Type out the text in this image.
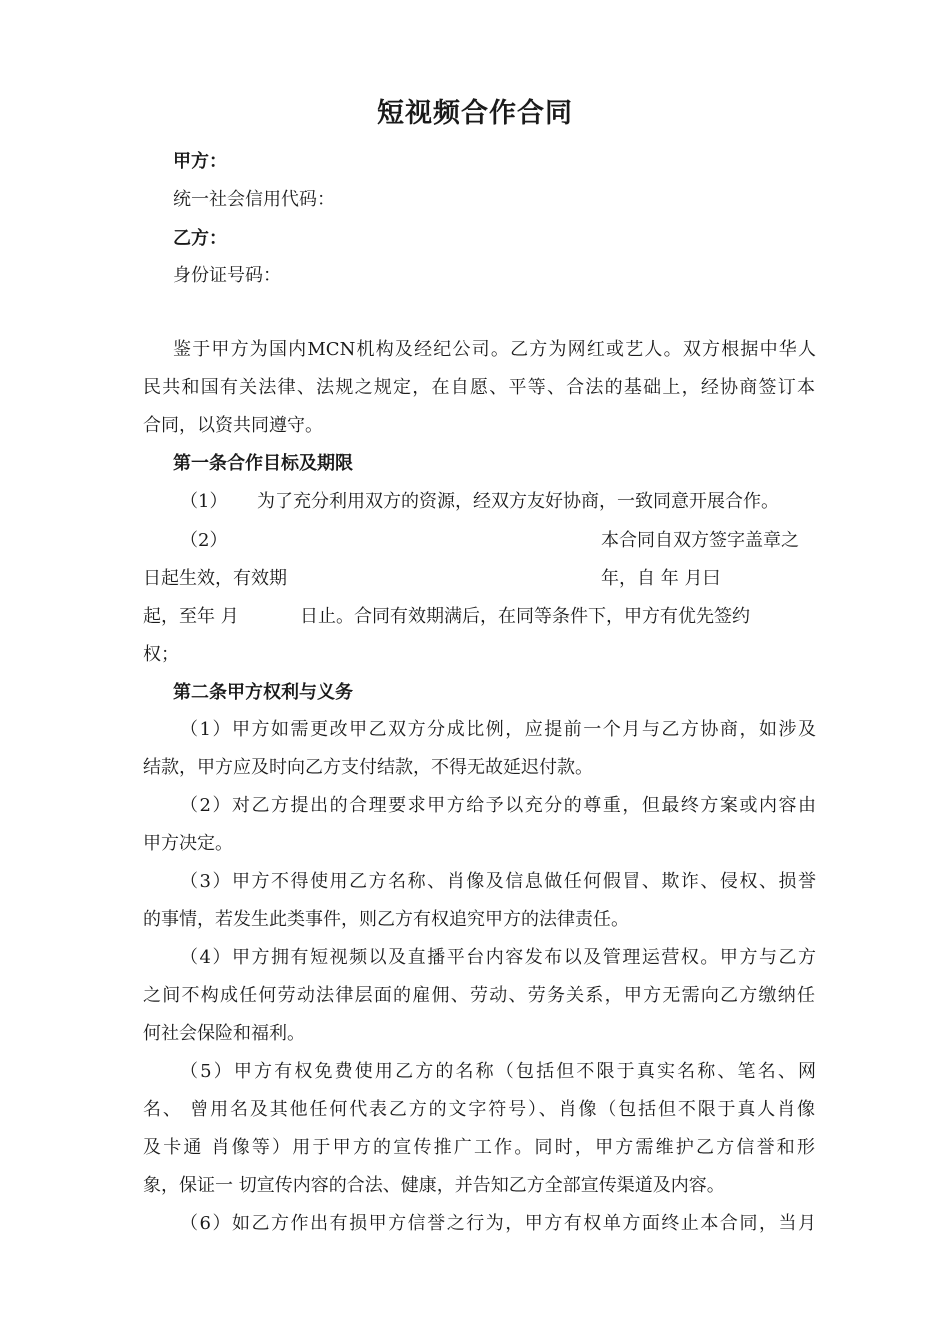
短视频合作合同
甲方：
统一社会信用代码：
乙方：
身份证号码：
鉴于甲方为国内MCN机构及经纪公司。乙方为网红或艺人。双方根据中华人
民共和国有关法律、法规之规定，在自愿、平等、合法的基础上，经协商签订本
合同，以资共同遵守。
第一条合作目标及期限
（1） 为了充分利用双方的资源，经双方友好协商，一致同意开展合作。
（2）	本合同自双方签字盖章之
日起生效，有效期	年，自 年 月曰
起，至年 月	日止。合同有效期满后，在同等条件下，甲方有优先签约
权；
第二条甲方权利与义务
（1）甲方如需更改甲乙双方分成比例，应提前一个月与乙方协商，如涉及
结款，甲方应及时向乙方支付结款，不得无故延迟付款。
（2）对乙方提出的合理要求甲方给予以充分的尊重，但最终方案或内容由
甲方决定。
（3）甲方不得使用乙方名称、肖像及信息做任何假冒、欺诈、侵权、损誉
的事情，若发生此类事件，则乙方有权追究甲方的法律责任。
（4）甲方拥有短视频以及直播平台内容发布以及管理运营权。甲方与乙方
之间不构成任何劳动法律层面的雇佣、劳动、劳务关系，甲方无需向乙方缴纳任
何社会保险和福利。
（5）甲方有权免费使用乙方的名称（包括但不限于真实名称、笔名、网
名、 曾用名及其他任何代表乙方的文字符号）、肖像（包括但不限于真人肖像
及卡通 肖像等）用于甲方的宣传推广工作。同时，甲方需维护乙方信誉和形
象，保证一 切宣传内容的合法、健康，并告知乙方全部宣传渠道及内容。
（6）如乙方作出有损甲方信誉之行为，甲方有权单方面终止本合同，当月
